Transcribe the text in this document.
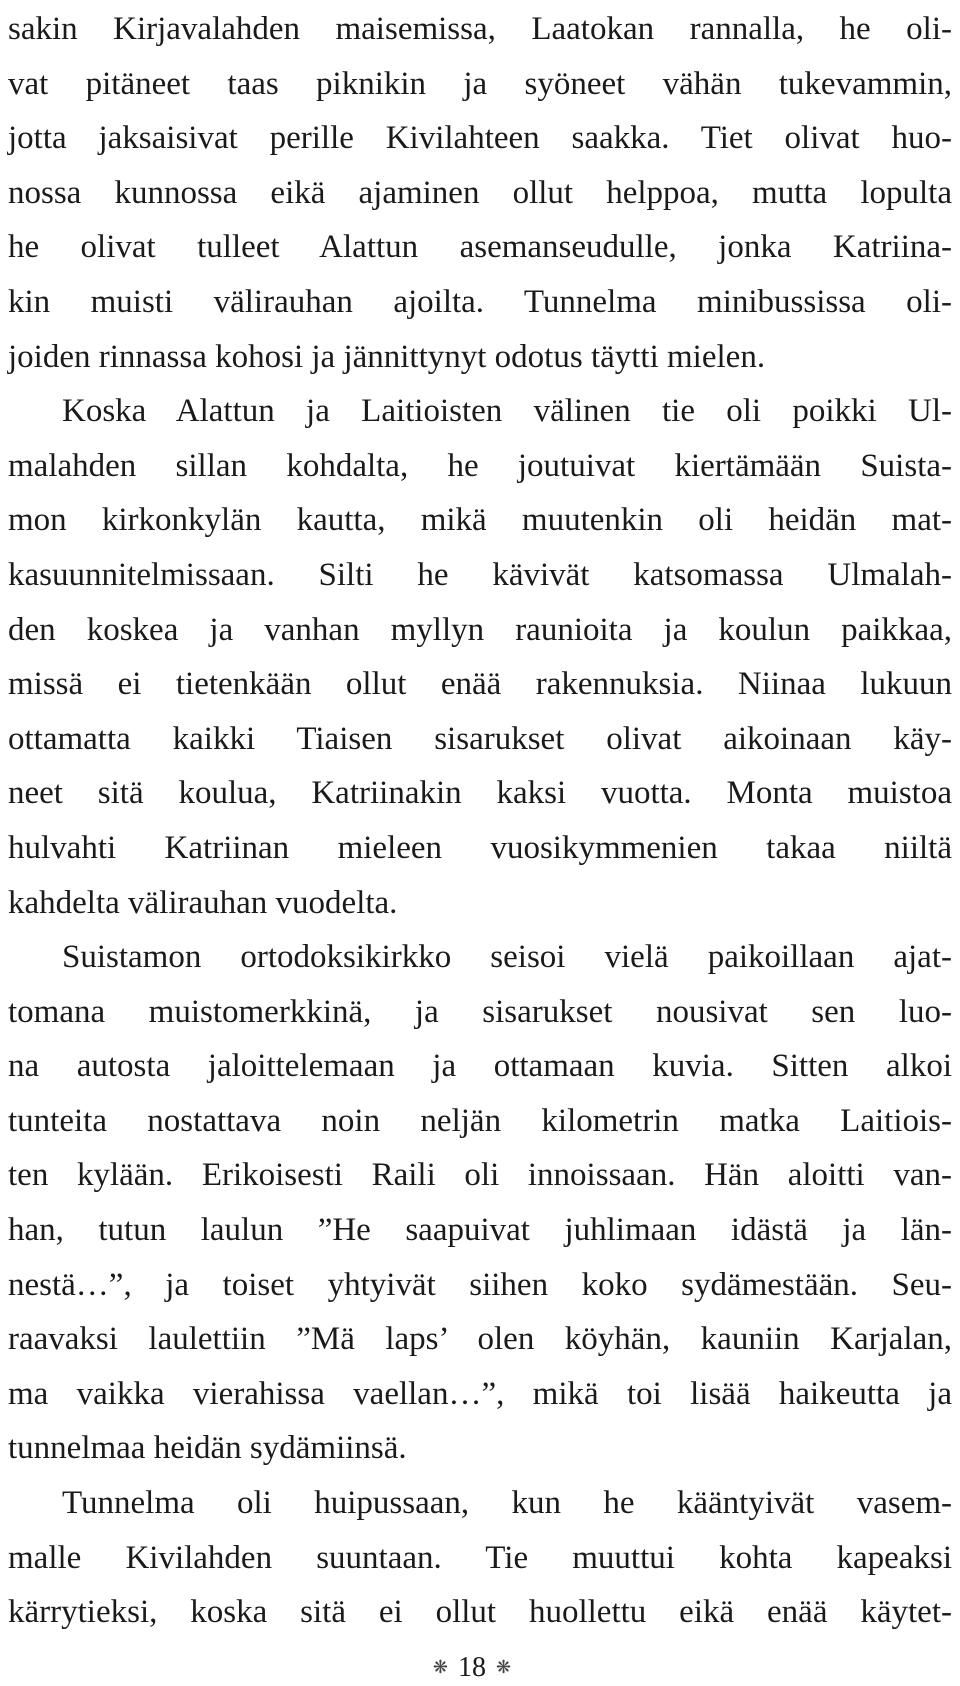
sakin Kirjavalahden maisemissa, Laatokan rannalla, he oli-
vat pitäneet taas piknikin ja syöneet vähän tukevammin,
jotta jaksaisivat perille Kivilahteen saakka. Tiet olivat huo-
nossa kunnossa eikä ajaminen ollut helppoa, mutta lopulta
he olivat tulleet Alattun asemanseudulle, jonka Katriina-
kin muisti välirauhan ajoilta. Tunnelma minibussissa oli-
joiden rinnassa kohosi ja jännittynyt odotus täytti mielen.
Koska Alattun ja Laitioisten välinen tie oli poikki Ul-
malahden sillan kohdalta, he joutuivat kiertämään Suista-
mon kirkonkylän kautta, mikä muutenkin oli heidän mat-
kasuunnitelmissaan. Silti he kävivät katsomassa Ulmalah-
den koskea ja vanhan myllyn raunioita ja koulun paikkaa,
missä ei tietenkään ollut enää rakennuksia. Niinaa lukuun
ottamatta kaikki Tiaisen sisarukset olivat aikoinaan käy-
neet sitä koulua, Katriinakin kaksi vuotta. Monta muistoa
hulvahti Katriinan mieleen vuosikymmenien takaa niiltä
kahdelta välirauhan vuodelta.
Suistamon ortodoksikirkko seisoi vielä paikoillaan ajat-
tomana muistomerkkinä, ja sisarukset nousivat sen luo-
na autosta jaloittelemaan ja ottamaan kuvia. Sitten alkoi
tunteita nostattava noin neljän kilometrin matka Laitiois-
ten kylään. Erikoisesti Raili oli innoissaan. Hän aloitti van-
han, tutun laulun ”He saapuivat juhlimaan idästä ja län-
nestä…”, ja toiset yhtyivät siihen koko sydämestään. Seu-
raavaksi laulettiin ”Mä laps’ olen köyhän, kauniin Karjalan,
ma vaikka vierahissa vaellan…”, mikä toi lisää haikeutta ja
tunnelmaa heidän sydämiinsä.
Tunnelma oli huipussaan, kun he kääntyivät vasem-
malle Kivilahden suuntaan. Tie muuttui kohta kapeaksi
kärrytieksi, koska sitä ei ollut huollettu eikä enää käytet-
❋ 18 ❋
